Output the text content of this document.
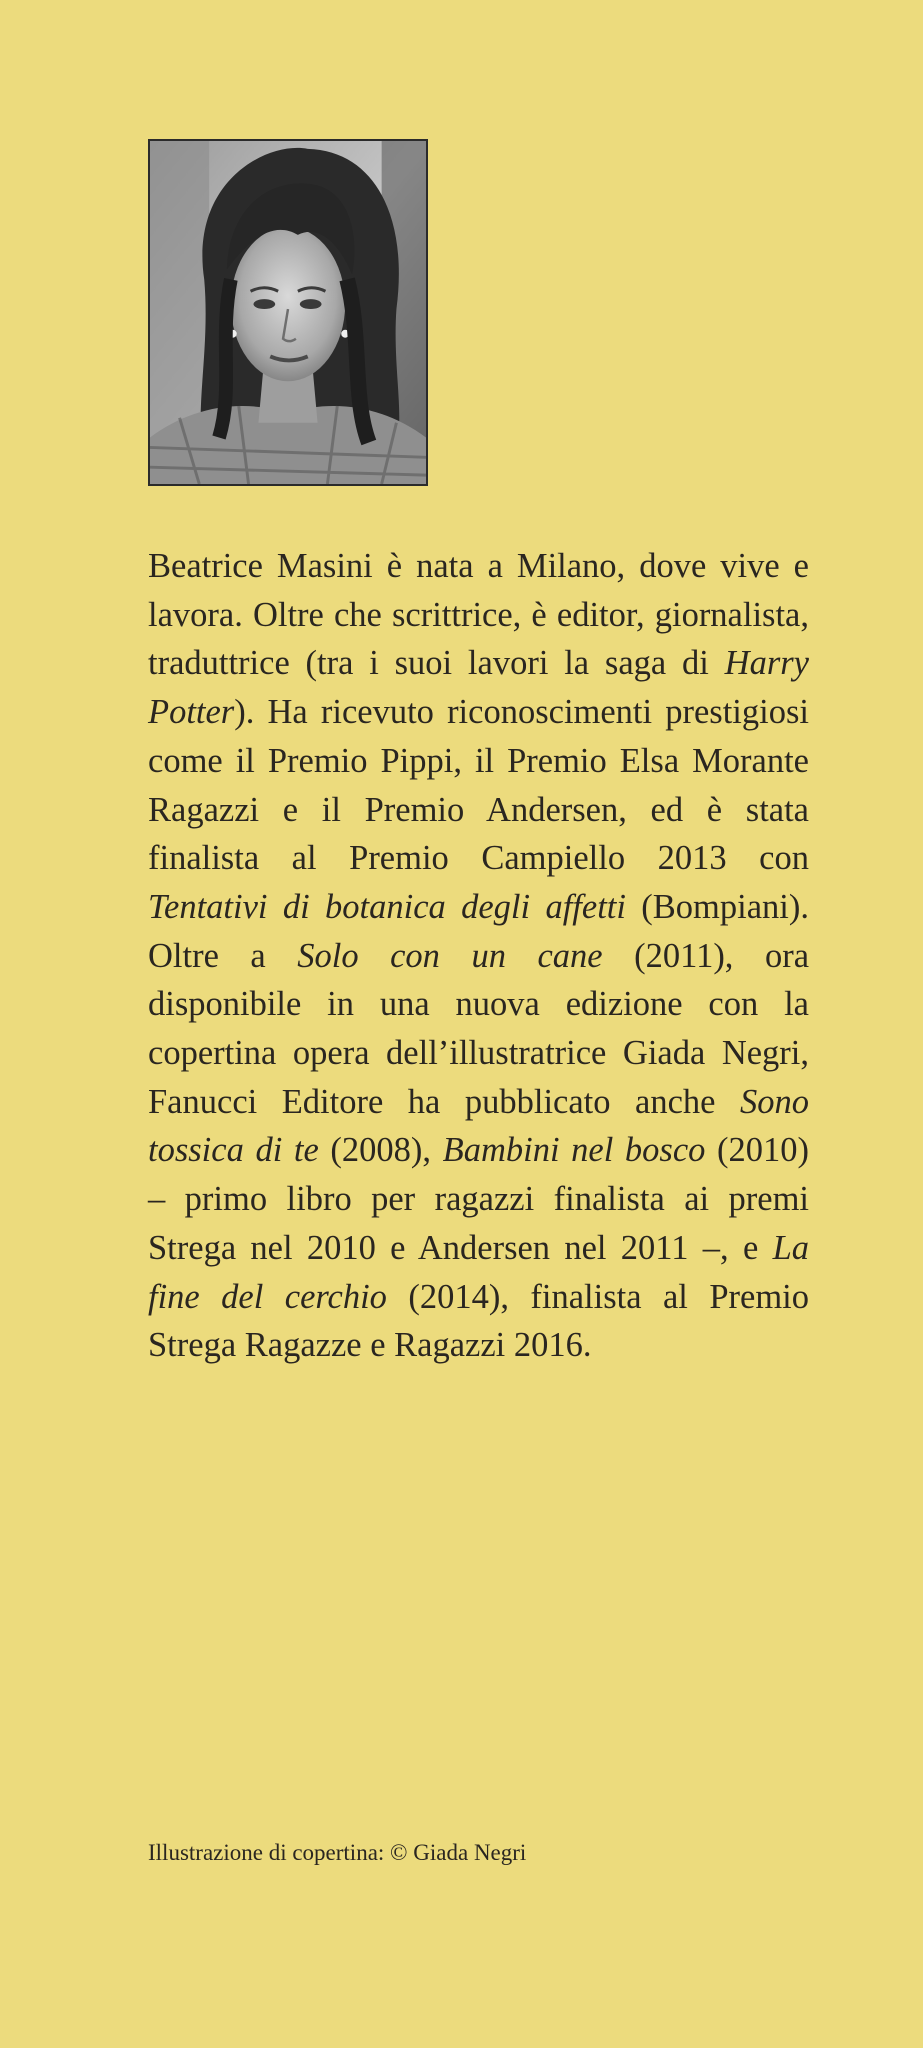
Beatrice Masini è nata a Milano, dove vive e lavora. Oltre che scrittrice, è editor, giornalista, traduttrice (tra i suoi lavori la saga di Harry Potter). Ha ricevuto riconoscimenti prestigiosi come il Premio Pippi, il Premio Elsa Morante Ragazzi e il Premio Andersen, ed è stata finalista al Premio Campiello 2013 con Tentativi di botanica degli affetti (Bompiani). Oltre a Solo con un cane (2011), ora disponibile in una nuova edizione con la copertina opera dell’illustratrice Giada Negri, Fanucci Editore ha pubblicato anche Sono tossica di te (2008), Bambini nel bosco (2010) – primo libro per ragazzi finalista ai premi Strega nel 2010 e Andersen nel 2011 –, e La fine del cerchio (2014), finalista al Premio Strega Ragazze e Ragazzi 2016.

Illustrazione di copertina: © Giada Negri
